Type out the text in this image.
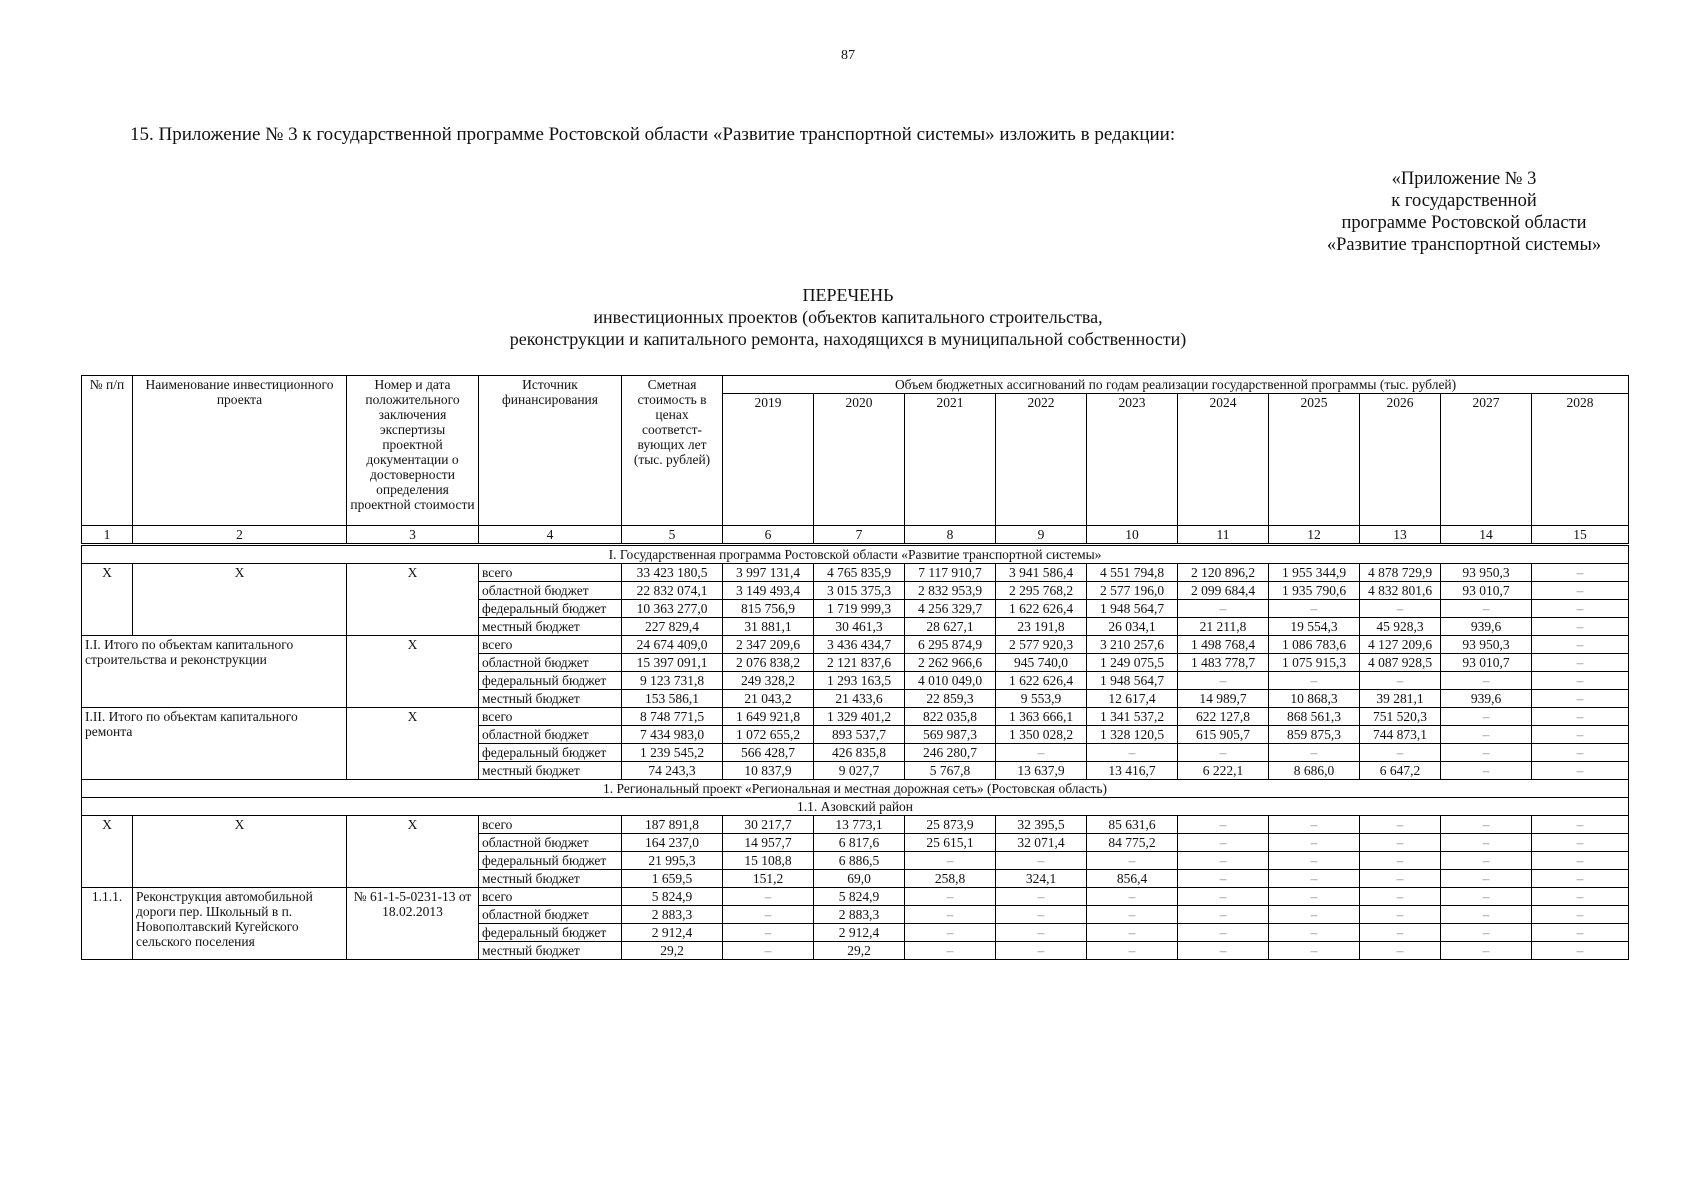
87
15. Приложение № 3 к государственной программе Ростовской области «Развитие транспортной системы» изложить в редакции:
«Приложение № 3
к государственной
программе Ростовской области
«Развитие транспортной системы»
ПЕРЕЧЕНЬ
инвестиционных проектов (объектов капитального строительства,
реконструкции и капитального ремонта, находящихся в муниципальной собственности)
№ п/п	Наименование инвестиционного проекта	Номер и дата положительного заключения экспертизы проектной документации о достоверности определения проектной стоимости	Источник финансирования	Сметная стоимость в ценах соответст-вующих лет (тыс. рублей)	Объем бюджетных ассигнований по годам реализации государственной программы (тыс. рублей)									
					2019	2020	2021	2022	2023	2024	2025	2026	2027	2028
1	2	3	4	5	6	7	8	9	10	11	12	13	14	15
I. Государственная программа Ростовской области «Развитие транспортной системы»														
Х	Х	Х	всего	33 423 180,5	3 997 131,4	4 765 835,9	7 117 910,7	3 941 586,4	4 551 794,8	2 120 896,2	1 955 344,9	4 878 729,9	93 950,3	–
			областной бюджет	22 832 074,1	3 149 493,4	3 015 375,3	2 832 953,9	2 295 768,2	2 577 196,0	2 099 684,4	1 935 790,6	4 832 801,6	93 010,7	–
			федеральный бюджет	10 363 277,0	815 756,9	1 719 999,3	4 256 329,7	1 622 626,4	1 948 564,7	–	–	–	–	–
			местный бюджет	227 829,4	31 881,1	30 461,3	28 627,1	23 191,8	26 034,1	21 211,8	19 554,3	45 928,3	939,6	–
I.I. Итого по объектам капитального строительства и реконструкции		Х	всего	24 674 409,0	2 347 209,6	3 436 434,7	6 295 874,9	2 577 920,3	3 210 257,6	1 498 768,4	1 086 783,6	4 127 209,6	93 950,3	–
			областной бюджет	15 397 091,1	2 076 838,2	2 121 837,6	2 262 966,6	945 740,0	1 249 075,5	1 483 778,7	1 075 915,3	4 087 928,5	93 010,7	–
			федеральный бюджет	9 123 731,8	249 328,2	1 293 163,5	4 010 049,0	1 622 626,4	1 948 564,7	–	–	–	–	–
			местный бюджет	153 586,1	21 043,2	21 433,6	22 859,3	9 553,9	12 617,4	14 989,7	10 868,3	39 281,1	939,6	–
I.II. Итого по объектам капитального ремонта		Х	всего	8 748 771,5	1 649 921,8	1 329 401,2	822 035,8	1 363 666,1	1 341 537,2	622 127,8	868 561,3	751 520,3	–	–
			областной бюджет	7 434 983,0	1 072 655,2	893 537,7	569 987,3	1 350 028,2	1 328 120,5	615 905,7	859 875,3	744 873,1	–	–
			федеральный бюджет	1 239 545,2	566 428,7	426 835,8	246 280,7	–	–	–	–	–	–	–
			местный бюджет	74 243,3	10 837,9	9 027,7	5 767,8	13 637,9	13 416,7	6 222,1	8 686,0	6 647,2	–	–
1. Региональный проект «Региональная и местная дорожная сеть» (Ростовская область)														
1.1. Азовский район														
Х	Х	Х	всего	187 891,8	30 217,7	13 773,1	25 873,9	32 395,5	85 631,6	–	–	–	–	–
			областной бюджет	164 237,0	14 957,7	6 817,6	25 615,1	32 071,4	84 775,2	–	–	–	–	–
			федеральный бюджет	21 995,3	15 108,8	6 886,5	–	–	–	–	–	–	–	–
			местный бюджет	1 659,5	151,2	69,0	258,8	324,1	856,4	–	–	–	–	–
1.1.1.	Реконструкция автомобильной дороги пер. Школьный в п. Новополтавский Кугейского сельского поселения	№ 61-1-5-0231-13 от 18.02.2013	всего	5 824,9	–	5 824,9	–	–	–	–	–	–	–	–
			областной бюджет	2 883,3	–	2 883,3	–	–	–	–	–	–	–	–
			федеральный бюджет	2 912,4	–	2 912,4	–	–	–	–	–	–	–	–
			местный бюджет	29,2	–	29,2	–	–	–	–	–	–	–	–
